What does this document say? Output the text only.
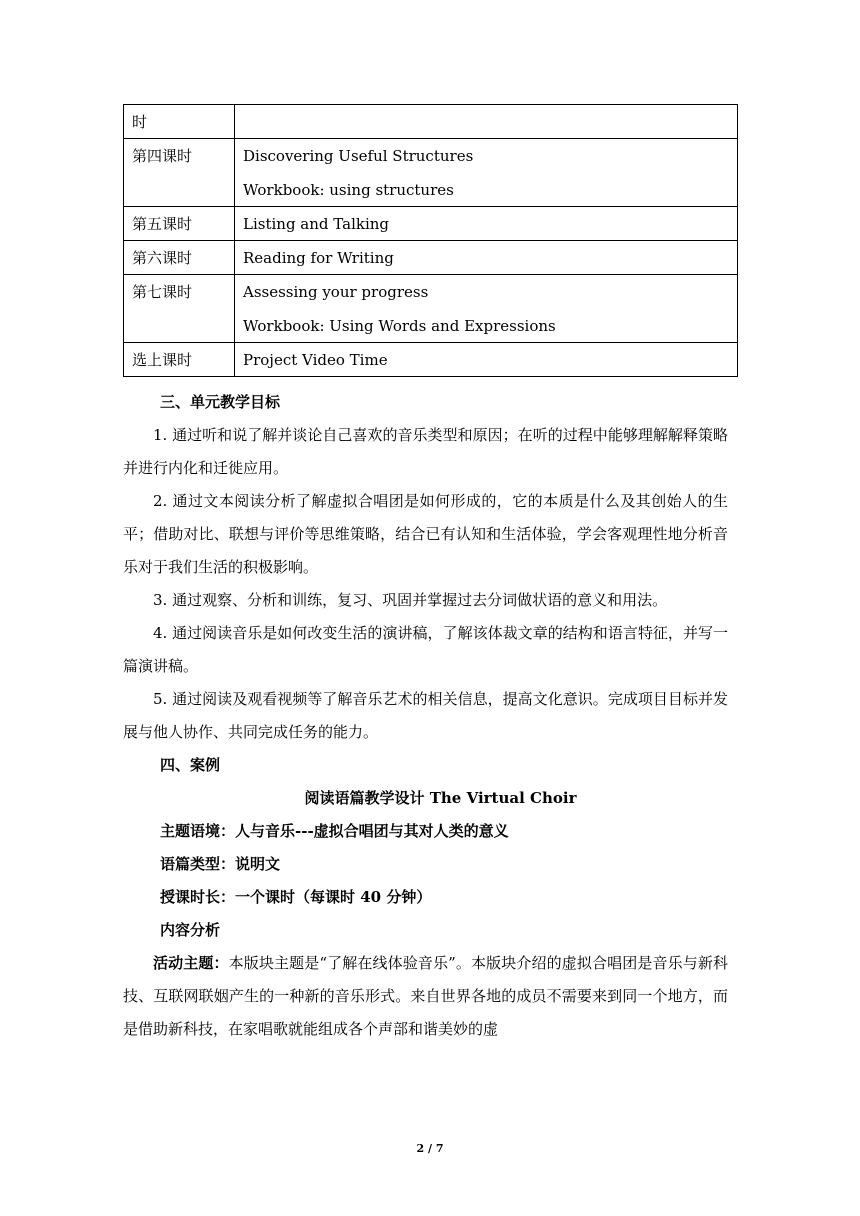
时	
第四课时	Discovering Useful Structures
Workbook: using structures

第五课时	Listing and Talking
第六课时	Reading for Writing
第七课时	Assessing your progress
Workbook: Using Words and Expressions

选上课时	Project Video Time

三、单元教学目标

1. 通过听和说了解并谈论自己喜欢的音乐类型和原因；在听的过程中能够理解解释策略并进行内化和迁徙应用。

2. 通过文本阅读分析了解虚拟合唱团是如何形成的，它的本质是什么及其创始人的生平；借助对比、联想与评价等思维策略，结合已有认知和生活体验，学会客观理性地分析音乐对于我们生活的积极影响。

3. 通过观察、分析和训练，复习、巩固并掌握过去分词做状语的意义和用法。

4. 通过阅读音乐是如何改变生活的演讲稿，了解该体裁文章的结构和语言特征，并写一篇演讲稿。

5. 通过阅读及观看视频等了解音乐艺术的相关信息，提高文化意识。完成项目目标并发展与他人协作、共同完成任务的能力。

四、案例

阅读语篇教学设计 The Virtual Choir

主题语境：人与音乐---虚拟合唱团与其对人类的意义

语篇类型：说明文

授课时长：一个课时（每课时 40 分钟）

内容分析

活动主题：本版块主题是“了解在线体验音乐”。本版块介绍的虚拟合唱团是音乐与新科技、互联网联姻产生的一种新的音乐形式。来自世界各地的成员不需要来到同一个地方，而是借助新科技，在家唱歌就能组成各个声部和谐美妙的虚

2 / 7
